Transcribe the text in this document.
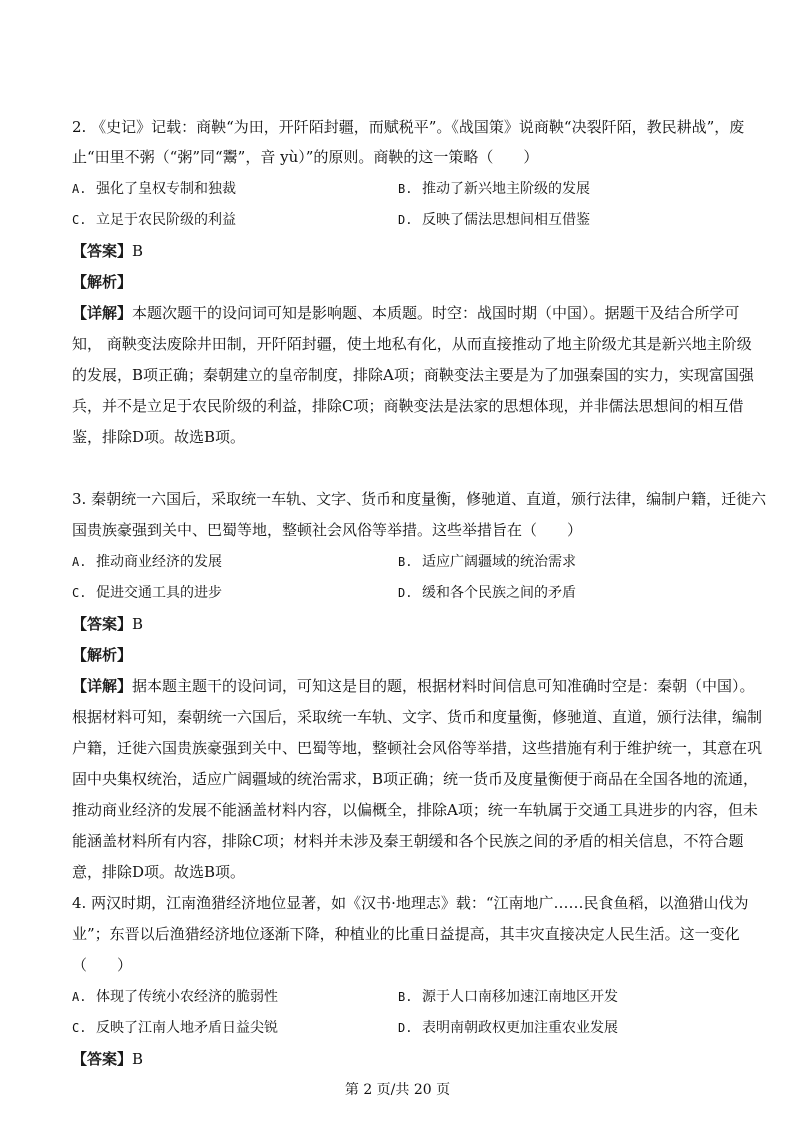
2. 《史记》记载：商鞅“为田，开阡陌封疆，而赋税平”。《战国策》说商鞅“决裂阡陌，教民耕战”，废
止“田里不粥（“粥”同“鬻”，音 yù）”的原则。商鞅的这一策略（　　）
A. 强化了皇权专制和独裁	B. 推动了新兴地主阶级的发展
C. 立足于农民阶级的利益	D. 反映了儒法思想间相互借鉴
【答案】B
【解析】
【详解】本题次题干的设问词可知是影响题、本质题。时空：战国时期（中国）。据题干及结合所学可
知， 商鞅变法废除井田制，开阡陌封疆，使土地私有化，从而直接推动了地主阶级尤其是新兴地主阶级
的发展，B项正确；秦朝建立的皇帝制度，排除A项；商鞅变法主要是为了加强秦国的实力，实现富国强
兵，并不是立足于农民阶级的利益，排除C项；商鞅变法是法家的思想体现，并非儒法思想间的相互借
鉴，排除D项。故选B项。
3. 秦朝统一六国后，采取统一车轨、文字、货币和度量衡，修驰道、直道，颁行法律，编制户籍，迁徙六
国贵族豪强到关中、巴蜀等地，整顿社会风俗等举措。这些举措旨在（　　）
A. 推动商业经济的发展	B. 适应广阔疆域的统治需求
C. 促进交通工具的进步	D. 缓和各个民族之间的矛盾
【答案】B
【解析】
【详解】据本题主题干的设问词，可知这是目的题，根据材料时间信息可知准确时空是：秦朝（中国）。
根据材料可知，秦朝统一六国后，采取统一车轨、文字、货币和度量衡，修驰道、直道，颁行法律，编制
户籍，迁徙六国贵族豪强到关中、巴蜀等地，整顿社会风俗等举措，这些措施有利于维护统一，其意在巩
固中央集权统治，适应广阔疆域的统治需求，B项正确；统一货币及度量衡便于商品在全国各地的流通，
推动商业经济的发展不能涵盖材料内容，以偏概全，排除A项；统一车轨属于交通工具进步的内容，但未
能涵盖材料所有内容，排除C项；材料并未涉及秦王朝缓和各个民族之间的矛盾的相关信息，不符合题
意，排除D项。故选B项。
4. 两汉时期，江南渔猎经济地位显著，如《汉书·地理志》载：“江南地广……民食鱼稻，以渔猎山伐为
业”；东晋以后渔猎经济地位逐渐下降，种植业的比重日益提高，其丰灾直接决定人民生活。这一变化
（　　）
A. 体现了传统小农经济的脆弱性	B. 源于人口南移加速江南地区开发
C. 反映了江南人地矛盾日益尖锐	D. 表明南朝政权更加注重农业发展
【答案】B
第 2 页/共 20 页
